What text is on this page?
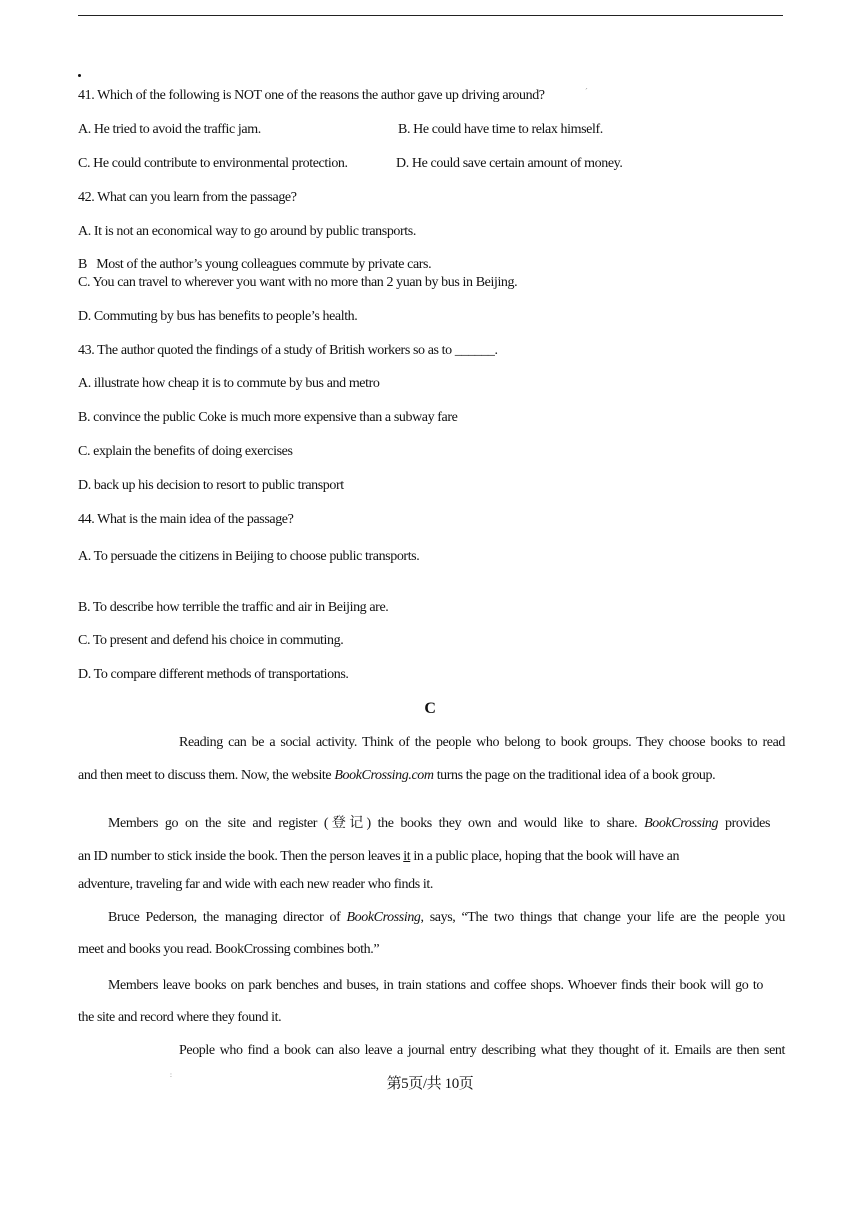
ˊ
41. Which of the following is NOT one of the reasons the author gave up driving around?
A. He tried to avoid the traffic jam.	B. He could have time to relax himself.
C. He could contribute to environmental protection.	D. He could save certain amount of money.
42. What can you learn from the passage?
A. It is not an economical way to go around by public transports.
B   Most of the author’s young colleagues commute by private cars.
C. You can travel to wherever you want with no more than 2 yuan by bus in Beijing.
D. Commuting by bus has benefits to people’s health.
43. The author quoted the findings of a study of British workers so as to ______.
A. illustrate how cheap it is to commute by bus and metro
B. convince the public Coke is much more expensive than a subway fare
C. explain the benefits of doing exercises
D. back up his decision to resort to public transport
44. What is the main idea of the passage?
A. To persuade the citizens in Beijing to choose public transports.
B. To describe how terrible the traffic and air in Beijing are.
C. To present and defend his choice in commuting.
D. To compare different methods of transportations.
C
Reading can be a social activity. Think of the people who belong to book groups. They choose books to read
and then meet to discuss them. Now, the website BookCrossing.com turns the page on the traditional idea of a book group.
Members go on the site and register (登记) the books they own and would like to share. BookCrossing provides
an ID number to stick inside the book. Then the person leaves it in a public place, hoping that the book will have an
adventure, traveling far and wide with each new reader who finds it.
Bruce Pederson, the managing director of BookCrossing, says, “The two things that change your life are the people you
meet and books you read. BookCrossing combines both.”
Members leave books on park benches and buses, in train stations and coffee shops. Whoever finds their book will go to
the site and record where they found it.
People who find a book can also leave a journal entry describing what they thought of it. Emails are then sent
:
第5页/共 10页
